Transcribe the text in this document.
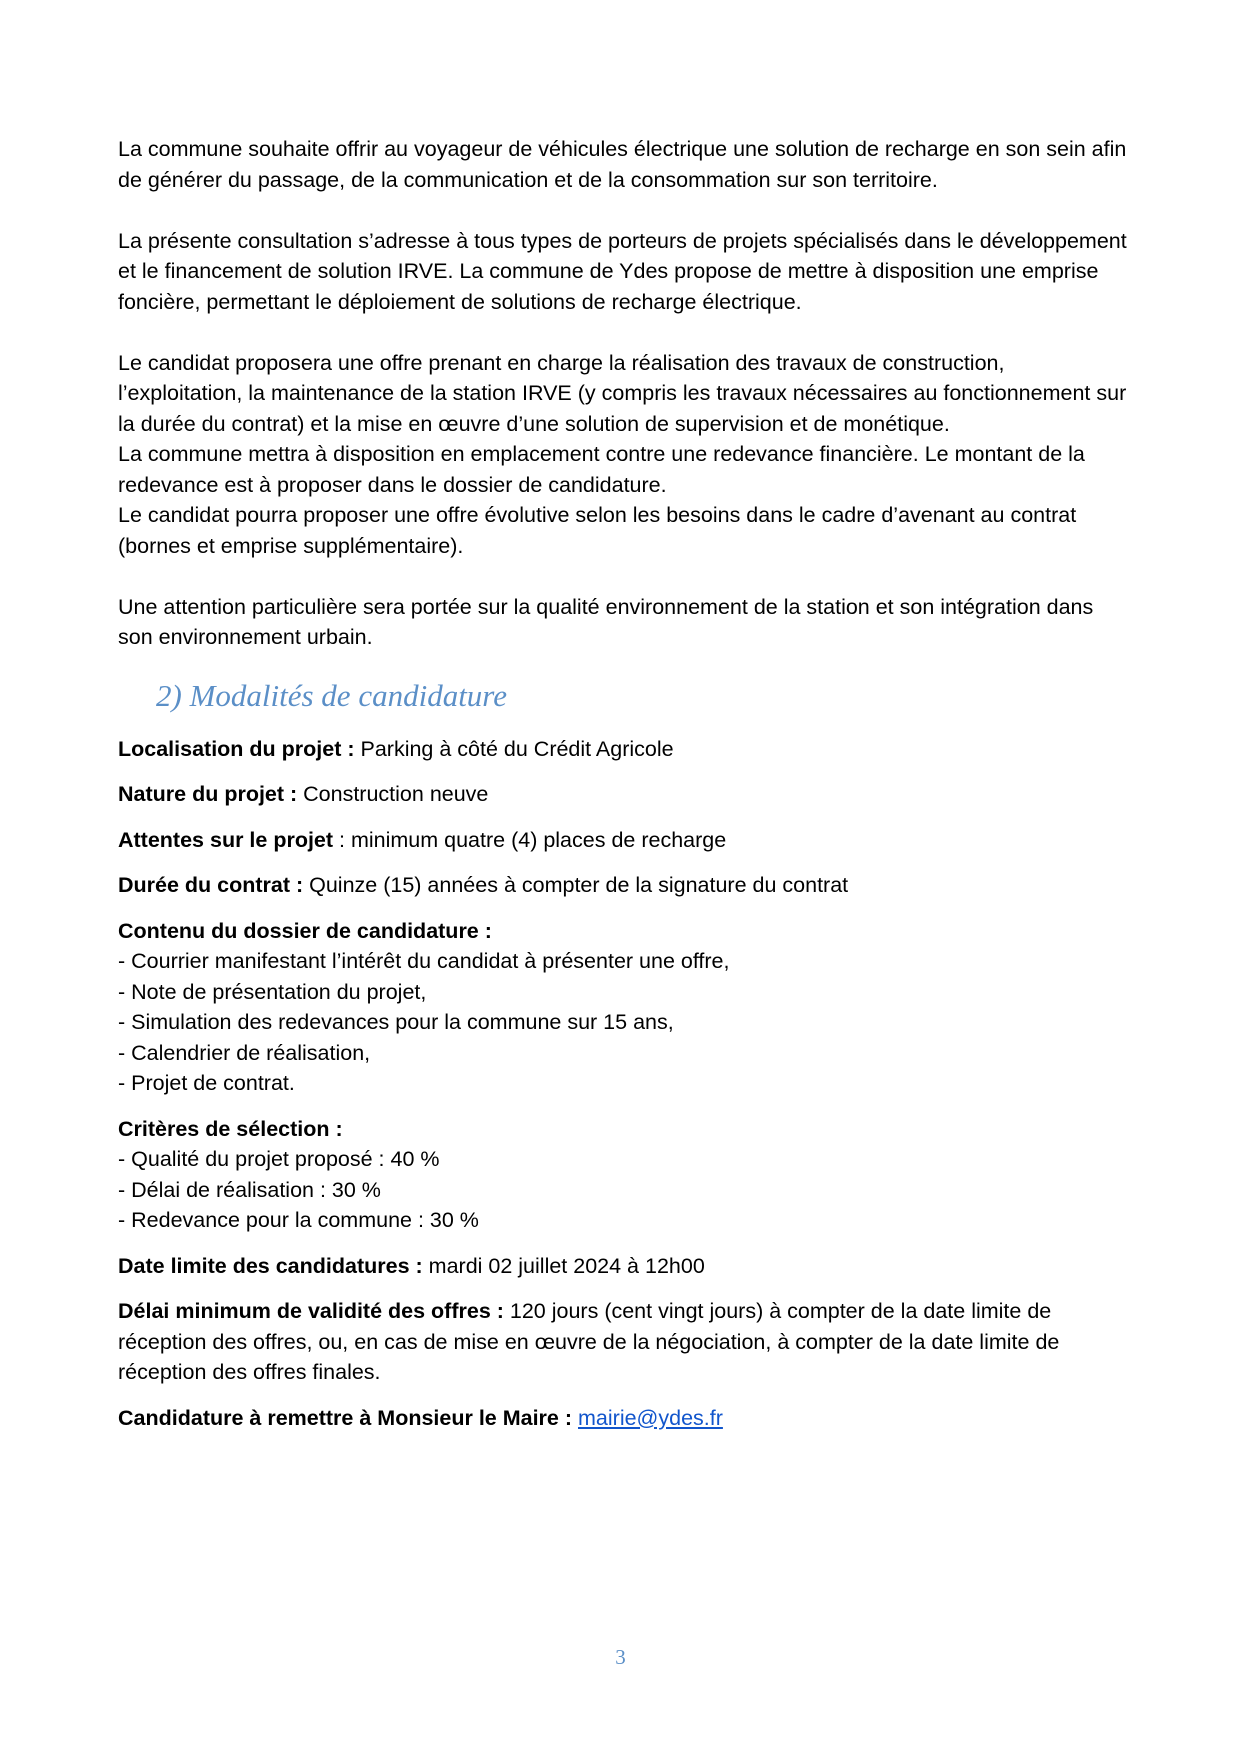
La commune souhaite offrir au voyageur de véhicules électrique une solution de recharge en son sein afin de générer du passage, de la communication et de la consommation sur son territoire.

La présente consultation s’adresse à tous types de porteurs de projets spécialisés dans le développement et le financement de solution IRVE. La commune de Ydes propose de mettre à disposition une emprise foncière, permettant le déploiement de solutions de recharge électrique.

Le candidat proposera une offre prenant en charge la réalisation des travaux de construction, l’exploitation, la maintenance de la station IRVE (y compris les travaux nécessaires au fonctionnement sur la durée du contrat) et la mise en œuvre d’une solution de supervision et de monétique.

La commune mettra à disposition en emplacement contre une redevance financière. Le montant de la redevance est à proposer dans le dossier de candidature.

Le candidat pourra proposer une offre évolutive selon les besoins dans le cadre d’avenant au contrat (bornes et emprise supplémentaire).

Une attention particulière sera portée sur la qualité environnement de la station et son intégration dans son environnement urbain.

2) Modalités de candidature

Localisation du projet : Parking à côté du Crédit Agricole

Nature du projet : Construction neuve

Attentes sur le projet : minimum quatre (4) places de recharge

Durée du contrat : Quinze (15) années à compter de la signature du contrat

Contenu du dossier de candidature :
- Courrier manifestant l’intérêt du candidat à présenter une offre,
- Note de présentation du projet,
- Simulation des redevances pour la commune sur 15 ans,
- Calendrier de réalisation,
- Projet de contrat.
Critères de sélection :
- Qualité du projet proposé : 40 %
- Délai de réalisation : 30 %
- Redevance pour la commune : 30 %

Date limite des candidatures : mardi 02 juillet 2024 à 12h00

Délai minimum de validité des offres : 120 jours (cent vingt jours) à compter de la date limite de réception des offres, ou, en cas de mise en œuvre de la négociation, à compter de la date limite de réception des offres finales.

Candidature à remettre à Monsieur le Maire : mairie@ydes.fr

3
